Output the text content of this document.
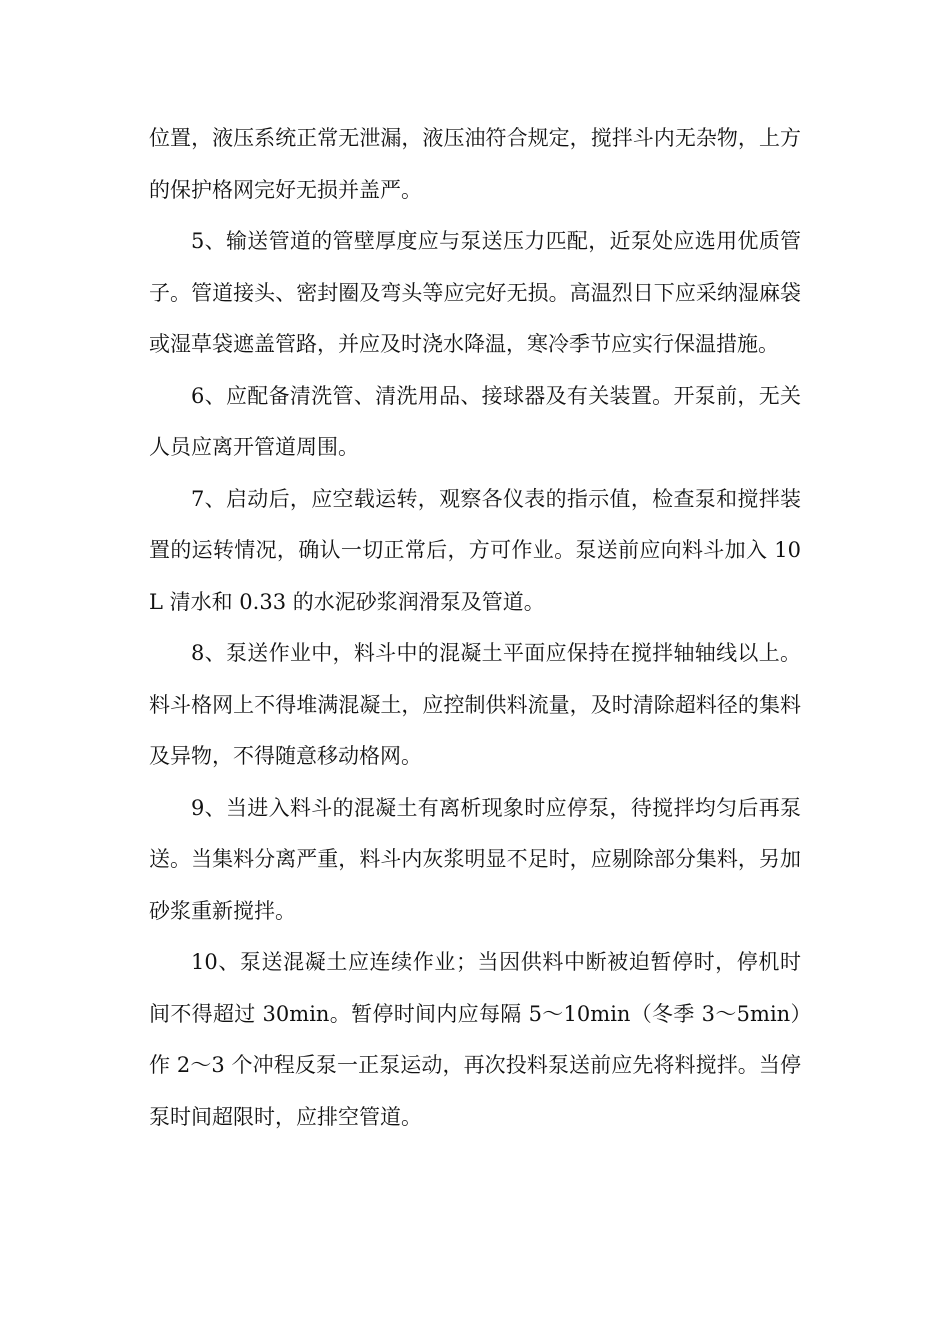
位置，液压系统正常无泄漏，液压油符合规定，搅拌斗内无杂物，上方的保护格网完好无损并盖严。

5、输送管道的管壁厚度应与泵送压力匹配，近泵处应选用优质管子。管道接头、密封圈及弯头等应完好无损。高温烈日下应采纳湿麻袋或湿草袋遮盖管路，并应及时浇水降温，寒冷季节应实行保温措施。

6、应配备清洗管、清洗用品、接球器及有关装置。开泵前，无关人员应离开管道周围。

7、启动后，应空载运转，观察各仪表的指示值，检查泵和搅拌装置的运转情况，确认一切正常后，方可作业。泵送前应向料斗加入 10L 清水和 0.33 的水泥砂浆润滑泵及管道。

8、泵送作业中，料斗中的混凝土平面应保持在搅拌轴轴线以上。料斗格网上不得堆满混凝土，应控制供料流量，及时清除超料径的集料及异物，不得随意移动格网。

9、当进入料斗的混凝土有离析现象时应停泵，待搅拌均匀后再泵送。当集料分离严重，料斗内灰浆明显不足时，应剔除部分集料，另加砂浆重新搅拌。

10、泵送混凝土应连续作业；当因供料中断被迫暂停时，停机时间不得超过 30min。暂停时间内应每隔 5～10min（冬季 3～5min）作 2～3 个冲程反泵一正泵运动，再次投料泵送前应先将料搅拌。当停泵时间超限时，应排空管道。
